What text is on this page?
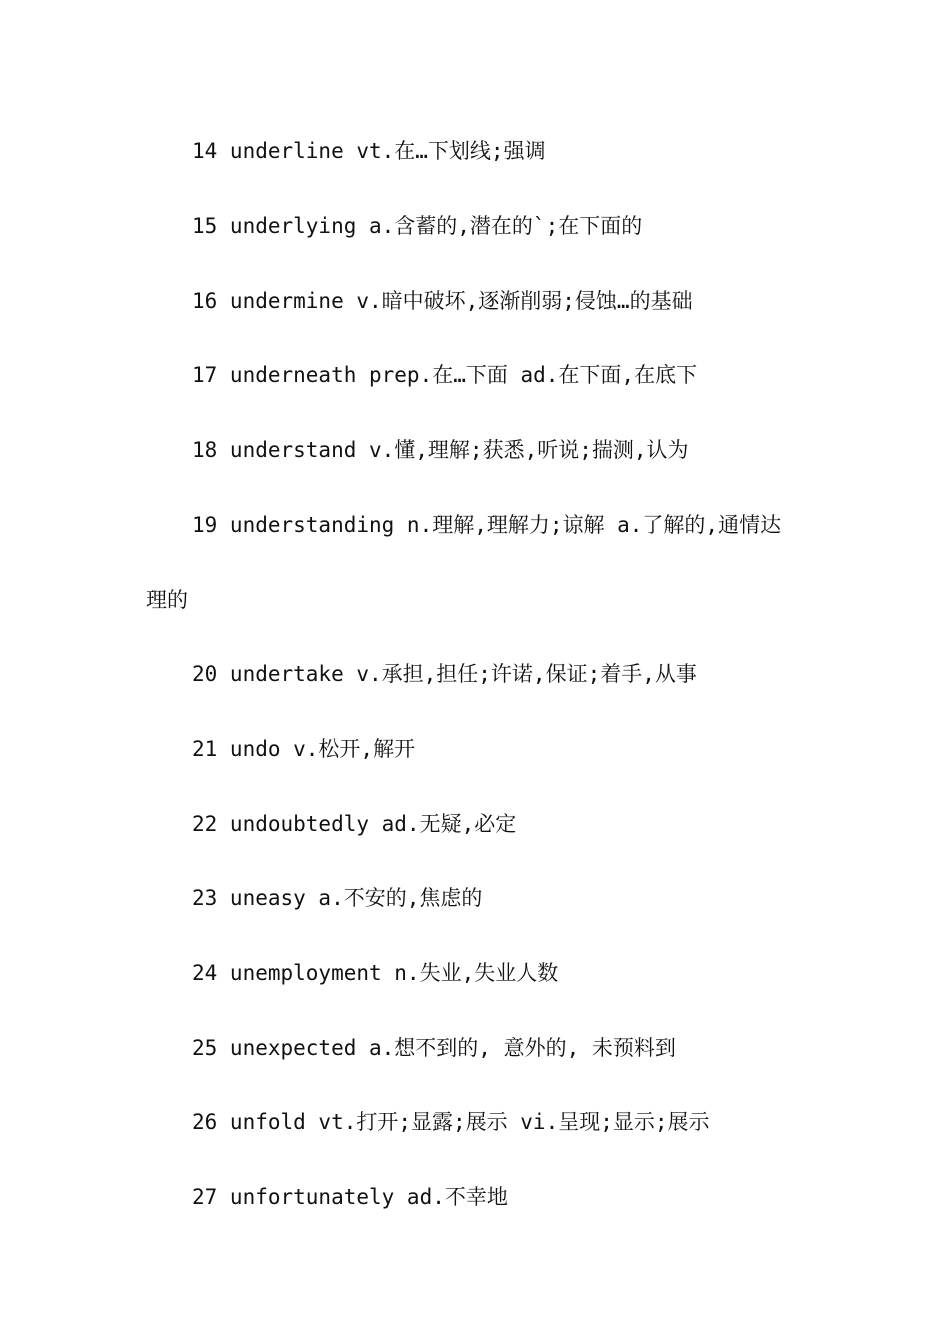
14 underline vt.在…下划线;强调
15 underlying a.含蓄的,潜在的`;在下面的
16 undermine v.暗中破坏,逐渐削弱;侵蚀…的基础
17 underneath prep.在…下面 ad.在下面,在底下
18 understand v.懂,理解;获悉,听说;揣测,认为
19 understanding n.理解,理解力;谅解 a.了解的,通情达
理的
20 undertake v.承担,担任;许诺,保证;着手,从事
21 undo v.松开,解开
22 undoubtedly ad.无疑,必定
23 uneasy a.不安的,焦虑的
24 unemployment n.失业,失业人数
25 unexpected a.想不到的, 意外的, 未预料到
26 unfold vt.打开;显露;展示 vi.呈现;显示;展示
27 unfortunately ad.不幸地
